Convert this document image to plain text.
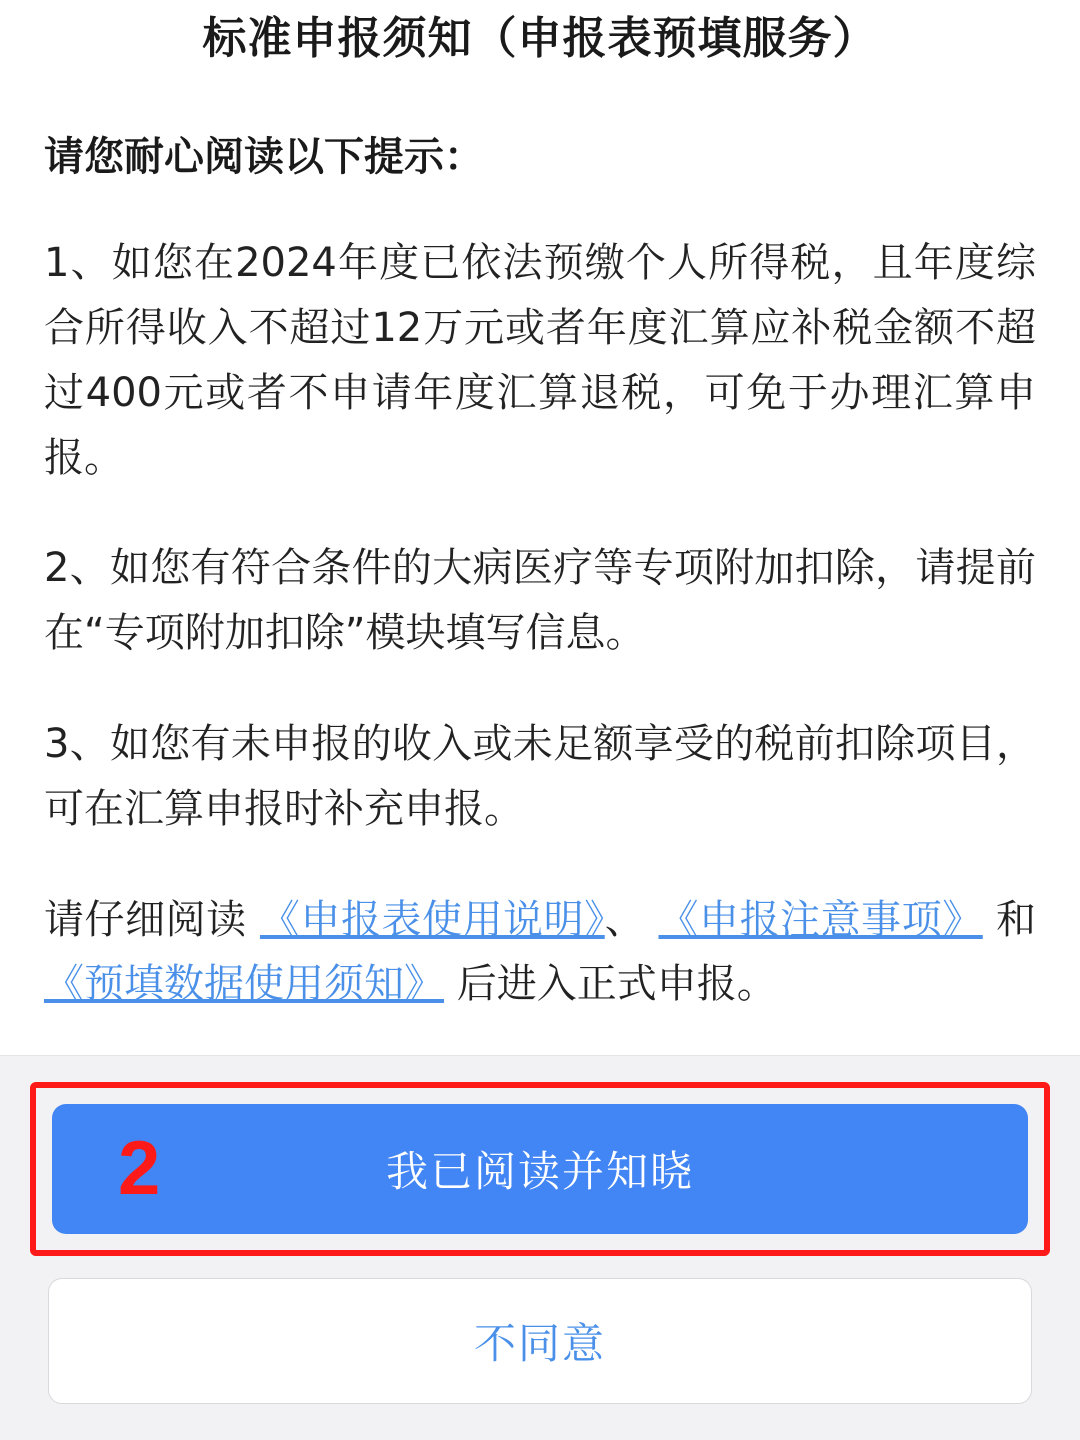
标准申报须知（申报表预填服务）

请您耐心阅读以下提示：

1、如您在2024年度已依法预缴个人所得税，且年度综合所得收入不超过12万元或者年度汇算应补税金额不超过400元或者不申请年度汇算退税，可免于办理汇算申报。

2、如您有符合条件的大病医疗等专项附加扣除，请提前在“专项附加扣除”模块填写信息。

3、如您有未申报的收入或未足额享受的税前扣除项目，可在汇算申报时补充申报。

请仔细阅读 《申报表使用说明》、 《申报注意事项》 和 《预填数据使用须知》 后进入正式申报。

2	我已阅读并知晓
不同意
